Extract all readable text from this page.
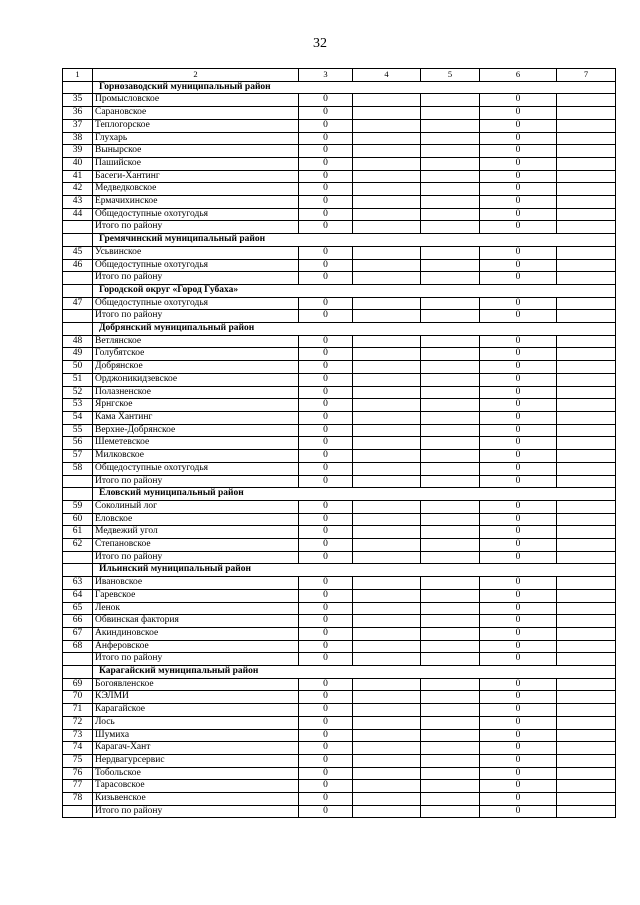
32
1	2	3	4	5	6	7
	Горнозаводский муниципальный район					
35	Промысловское	0			0	
36	Сарановское	0			0	
37	Теплогорское	0			0	
38	Глухарь	0			0	
39	Вынырское	0			0	
40	Пашийское	0			0	
41	Басеги-Хантинг	0			0	
42	Медведковское	0			0	
43	Ермачихинское	0			0	
44	Общедоступные охотугодья	0			0	
	Итого по району	0			0	
	Гремячинский муниципальный район					
45	Усьвинское	0			0	
46	Общедоступные охотугодья	0			0	
	Итого по району	0			0	
	Городской округ «Город Губаха»					
47	Общедоступные охотугодья	0			0	
	Итого по району	0			0	
	Добрянский муниципальный район					
48	Ветлянское	0			0	
49	Голубятское	0			0	
50	Добрянское	0			0	
51	Орджоникидзевское	0			0	
52	Полазненское	0			0	
53	Ярнгское	0			0	
54	Кама Хантинг	0			0	
55	Верхне-Добрянское	0			0	
56	Шеметевское	0			0	
57	Милковское	0			0	
58	Общедоступные охотугодья	0			0	
	Итого по району	0			0	
	Еловский муниципальный район					
59	Соколиный лог	0			0	
60	Еловское	0			0	
61	Медвежий угол	0			0	
62	Степановское	0			0	
	Итого по району	0			0	
	Ильинский муниципальный район					
63	Ивановское	0			0	
64	Гаревское	0			0	
65	Ленок	0			0	
66	Обвинская фактория	0			0	
67	Акиндиновское	0			0	
68	Анферовское	0			0	
	Итого по району	0			0	
	Карагайский муниципальный район					
69	Богоявленское	0			0	
70	КЭЛМИ	0			0	
71	Карагайское	0			0	
72	Лось	0			0	
73	Шумиха	0			0	
74	Карагач-Хант	0			0	
75	Нердвагурсервис	0			0	
76	Тобольское	0			0	
77	Тарасовское	0			0	
78	Кизьвенское	0			0	
	Итого по району	0			0	
